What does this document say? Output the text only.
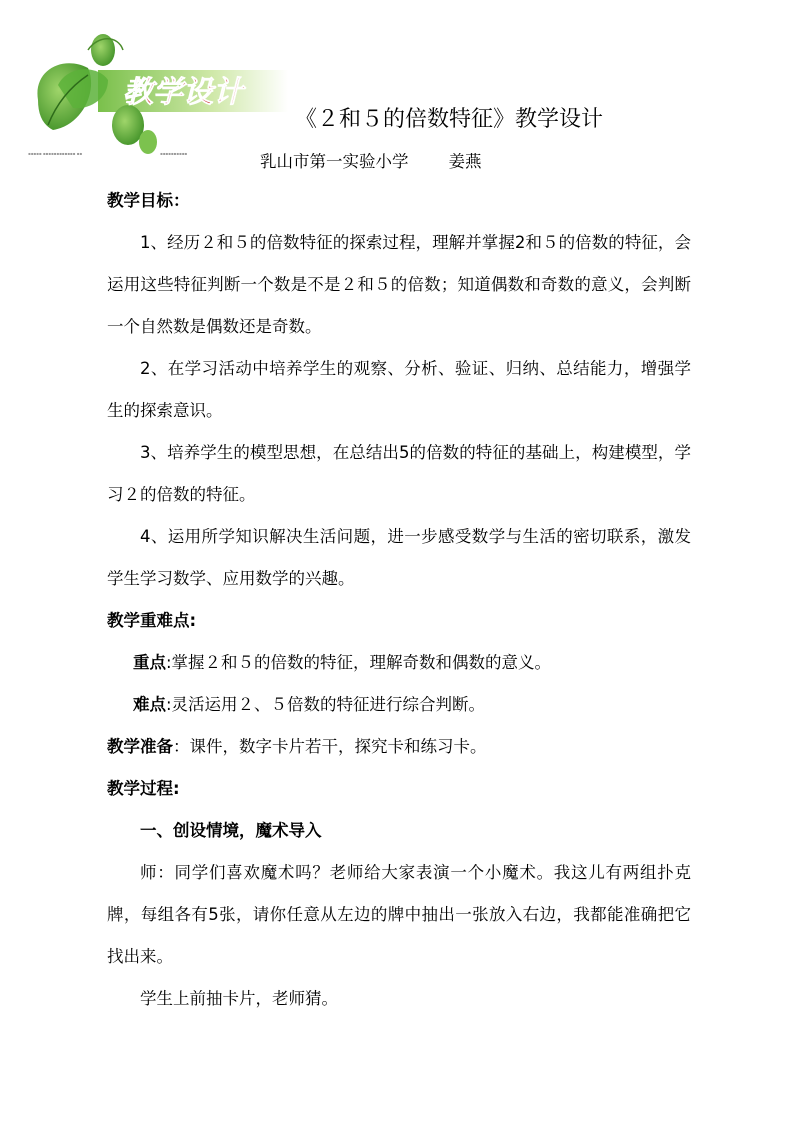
教学设计
▪▪▪▪▪ ▪▪▪▪▪▪▪▪▪▪▪▪ ▪▪	▪▪▪▪▪▪▪▪▪▪
《２和５的倍数特征》教学设计
乳山市第一实验小学 姜燕

教学目标：

1、经历２和５的倍数特征的探索过程，理解并掌握2和５的倍数的特征，会运用这些特征判断一个数是不是２和５的倍数；知道偶数和奇数的意义，会判断一个自然数是偶数还是奇数。

2、在学习活动中培养学生的观察、分析、验证、归纳、总结能力，增强学生的探索意识。

3、培养学生的模型思想，在总结出5的倍数的特征的基础上，构建模型，学习２的倍数的特征。

4、运用所学知识解决生活问题，进一步感受数学与生活的密切联系，激发学生学习数学、应用数学的兴趣。

教学重难点:

重点:掌握２和５的倍数的特征，理解奇数和偶数的意义。

难点:灵活运用２、５倍数的特征进行综合判断。

教学准备：课件，数字卡片若干，探究卡和练习卡。

教学过程:

一、创设情境，魔术导入

师：同学们喜欢魔术吗？老师给大家表演一个小魔术。我这儿有两组扑克牌，每组各有5张，请你任意从左边的牌中抽出一张放入右边，我都能准确把它找出来。

学生上前抽卡片，老师猜。
